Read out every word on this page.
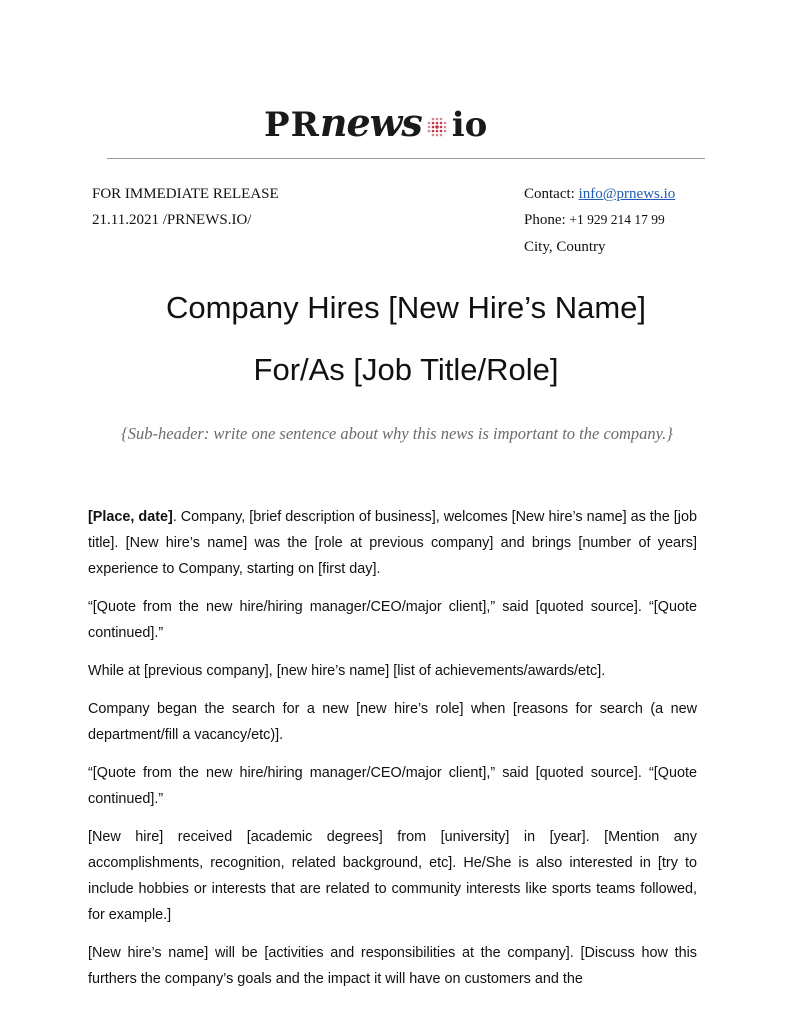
PR news io
FOR IMMEDIATE RELEASE
21.11.2021 /PRNEWS.IO/
Contact: info@prnews.io
Phone: +1 929 214 17 99
City, Country
Company Hires [New Hire’s Name]
For/As [Job Title/Role]
{Sub-header: write one sentence about why this news is important to the company.}

[Place, date]. Company, [brief description of business], welcomes [New hire’s name] as the [job title]. [New hire’s name] was the [role at previous company] and brings [number of years] experience to Company, starting on [first day].

“[Quote from the new hire/hiring manager/CEO/major client],” said [quoted source]. “[Quote continued].”

While at [previous company], [new hire’s name] [list of achievements/awards/etc].

Company began the search for a new [new hire’s role] when [reasons for search (a new department/fill a vacancy/etc)].

“[Quote from the new hire/hiring manager/CEO/major client],” said [quoted source]. “[Quote continued].”

[New hire] received [academic degrees] from [university] in [year]. [Mention any accomplishments, recognition, related background, etc]. He/She is also interested in [try to include hobbies or interests that are related to community interests like sports teams followed, for example.]

[New hire’s name] will be [activities and responsibilities at the company]. [Discuss how this furthers the company’s goals and the impact it will have on customers and the
